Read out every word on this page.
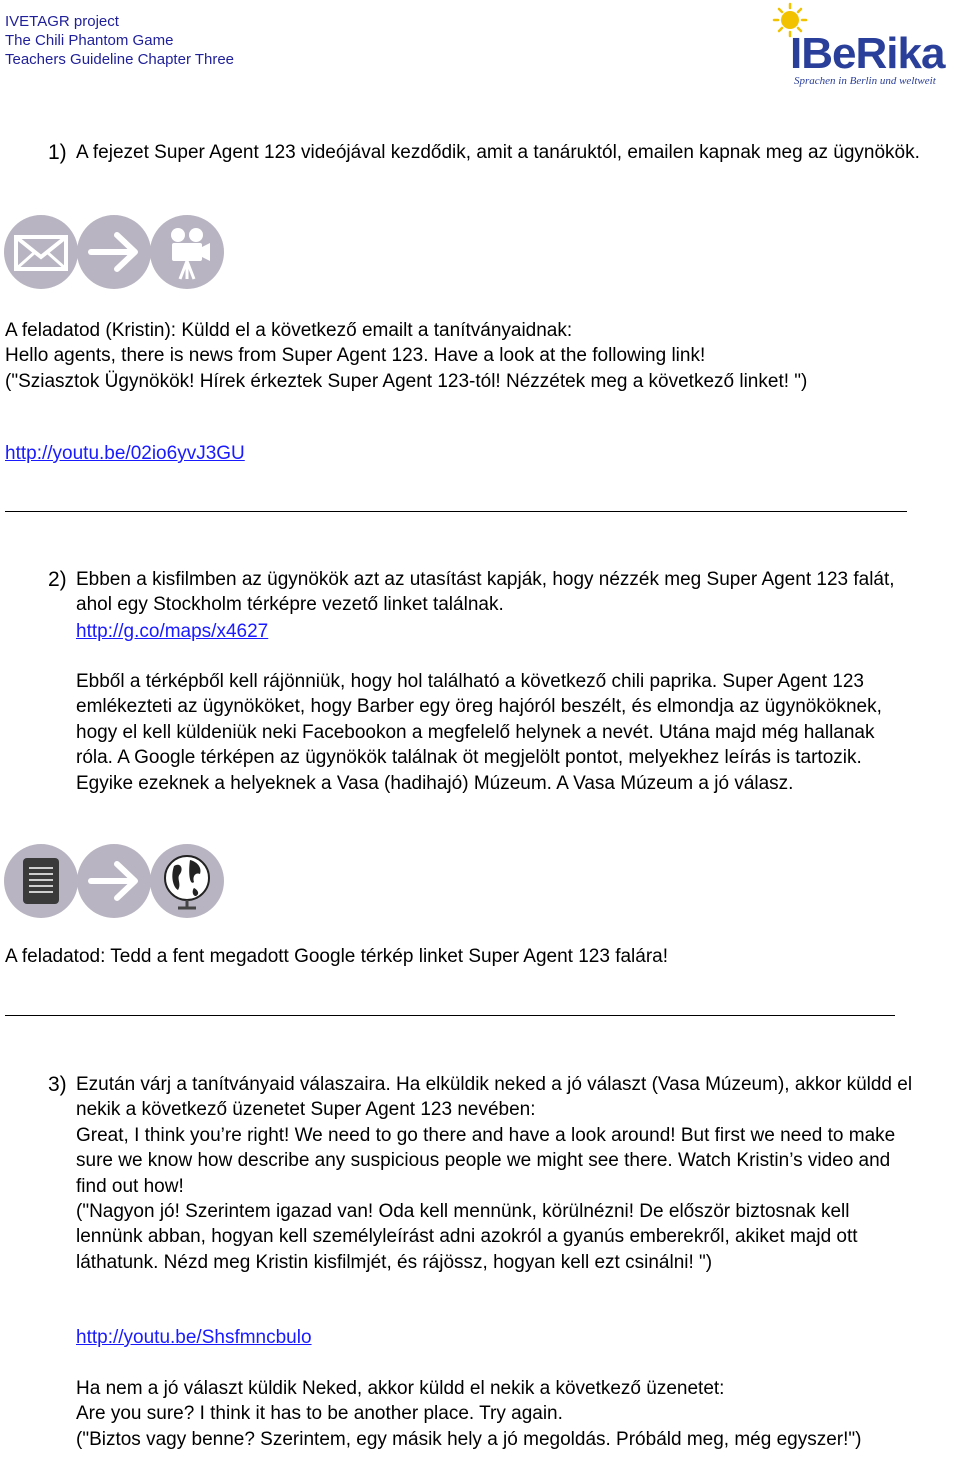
IVETAGR project
The Chili Phantom Game
Teachers Guideline Chapter Three	IBeRika
Sprachen in Berlin und weltweit
1) A fejezet Super Agent 123 videójával kezdődik, amit a tanáruktól, emailen kapnak meg az ügynökök.

A feladatod (Kristin): Küldd el a következő emailt a tanítványaidnak:

Hello agents, there is news from Super Agent 123. Have a look at the following link!

("Sziasztok Ügynökök! Hírek érkeztek Super Agent 123-tól! Nézzétek meg a következő linket! ")

http://youtu.be/02io6yvJ3GU
2) Ebben a kisfilmben az ügynökök azt az utasítást kapják, hogy nézzék meg Super Agent 123 falát, ahol egy Stockholm térképre vezető linket találnak.
http://g.co/maps/x4627
Ebből a térképből kell rájönniük, hogy hol található a következő chili paprika. Super Agent 123 emlékezteti az ügynököket, hogy Barber egy öreg hajóról beszélt, és elmondja az ügynököknek, hogy el kell küldeniük neki Facebookon a megfelelő helynek a nevét. Utána majd még hallanak róla. A Google térképen az ügynökök találnak öt megjelölt pontot, melyekhez leírás is tartozik. Egyike ezeknek a helyeknek a Vasa (hadihajó) Múzeum. A Vasa Múzeum a jó válasz.
A feladatod: Tedd a fent megadott Google térkép linket Super Agent 123 falára!
3) Ezután várj a tanítványaid válaszaira. Ha elküldik neked a jó választ (Vasa Múzeum), akkor küldd el nekik a következő üzenetet Super Agent 123 nevében:
Great, I think you’re right! We need to go there and have a look around! But first we need to make sure we know how describe any suspicious people we might see there. Watch Kristin’s video and find out how!
("Nagyon jó! Szerintem igazad van! Oda kell mennünk, körülnézni! De először biztosnak kell lennünk abban, hogyan kell személyleírást adni azokról a gyanús emberekről, akiket majd ott láthatunk. Nézd meg Kristin kisfilmjét, és rájössz, hogyan kell ezt csinálni! ")
http://youtu.be/Shsfmncbulo

Ha nem a jó választ küldik Neked, akkor küldd el nekik a következő üzenetet:

Are you sure? I think it has to be another place. Try again.

("Biztos vagy benne? Szerintem, egy másik hely a jó megoldás. Próbáld meg, még egyszer!")
